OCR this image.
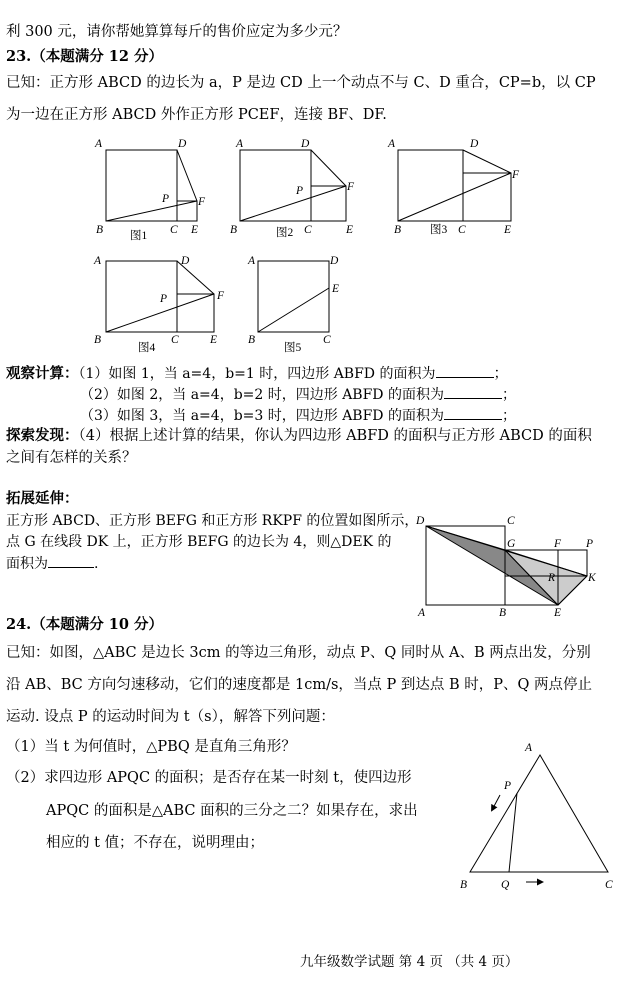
利 300 元，请你帮她算算每斤的售价应定为多少元？
23.（本题满分 12 分）
已知：正方形 ABCD 的边长为 a，P 是边 CD 上一个动点不与 C、D 重合，CP=b，以 CP
为一边在正方形 ABCD 外作正方形 PCEF，连接 BF、DF.
A	D
P	F
B	C E
图1
A	D
P	F
B	C	E
图2
A	D
F
B	C	E
图3
A	D
P	F
B	C	E
图4
A	D
E
B	C
图5
观察计算：（1）如图 1，当 a=4，b=1 时，四边形 ABFD 的面积为	；
（2）如图 2，当 a=4，b=2 时，四边形 ABFD 的面积为	；
（3）如图 3，当 a=4，b=3 时，四边形 ABFD 的面积为	；
探索发现：（4）根据上述计算的结果，你认为四边形 ABFD 的面积与正方形 ABCD 的面积
之间有怎样的关系？
拓展延伸：
正方形 ABCD、正方形 BEFG 和正方形 RKPF 的位置如图所示，
点 G 在线段 DK 上，正方形 BEFG 的边长为 4，则△DEK 的
面积为	.
D	C
G	F P
R	K
A	B	E
24.（本题满分 10 分）
已知：如图，△ABC 是边长 3cm 的等边三角形，动点 P、Q 同时从 A、B 两点出发，分别
沿 AB、BC 方向匀速移动，它们的速度都是 1cm/s，当点 P 到达点 B 时，P、Q 两点停止
运动. 设点 P 的运动时间为 t（s），解答下列问题：
（1）当 t 为何值时，△PBQ 是直角三角形？
（2）求四边形 APQC 的面积；是否存在某一时刻 t，使四边形
APQC 的面积是△ABC 面积的三分之二？如果存在，求出
相应的 t 值；不存在，说明理由；
A
P
B	Q	C
九年级数学试题 第 4 页 （共 4 页）
